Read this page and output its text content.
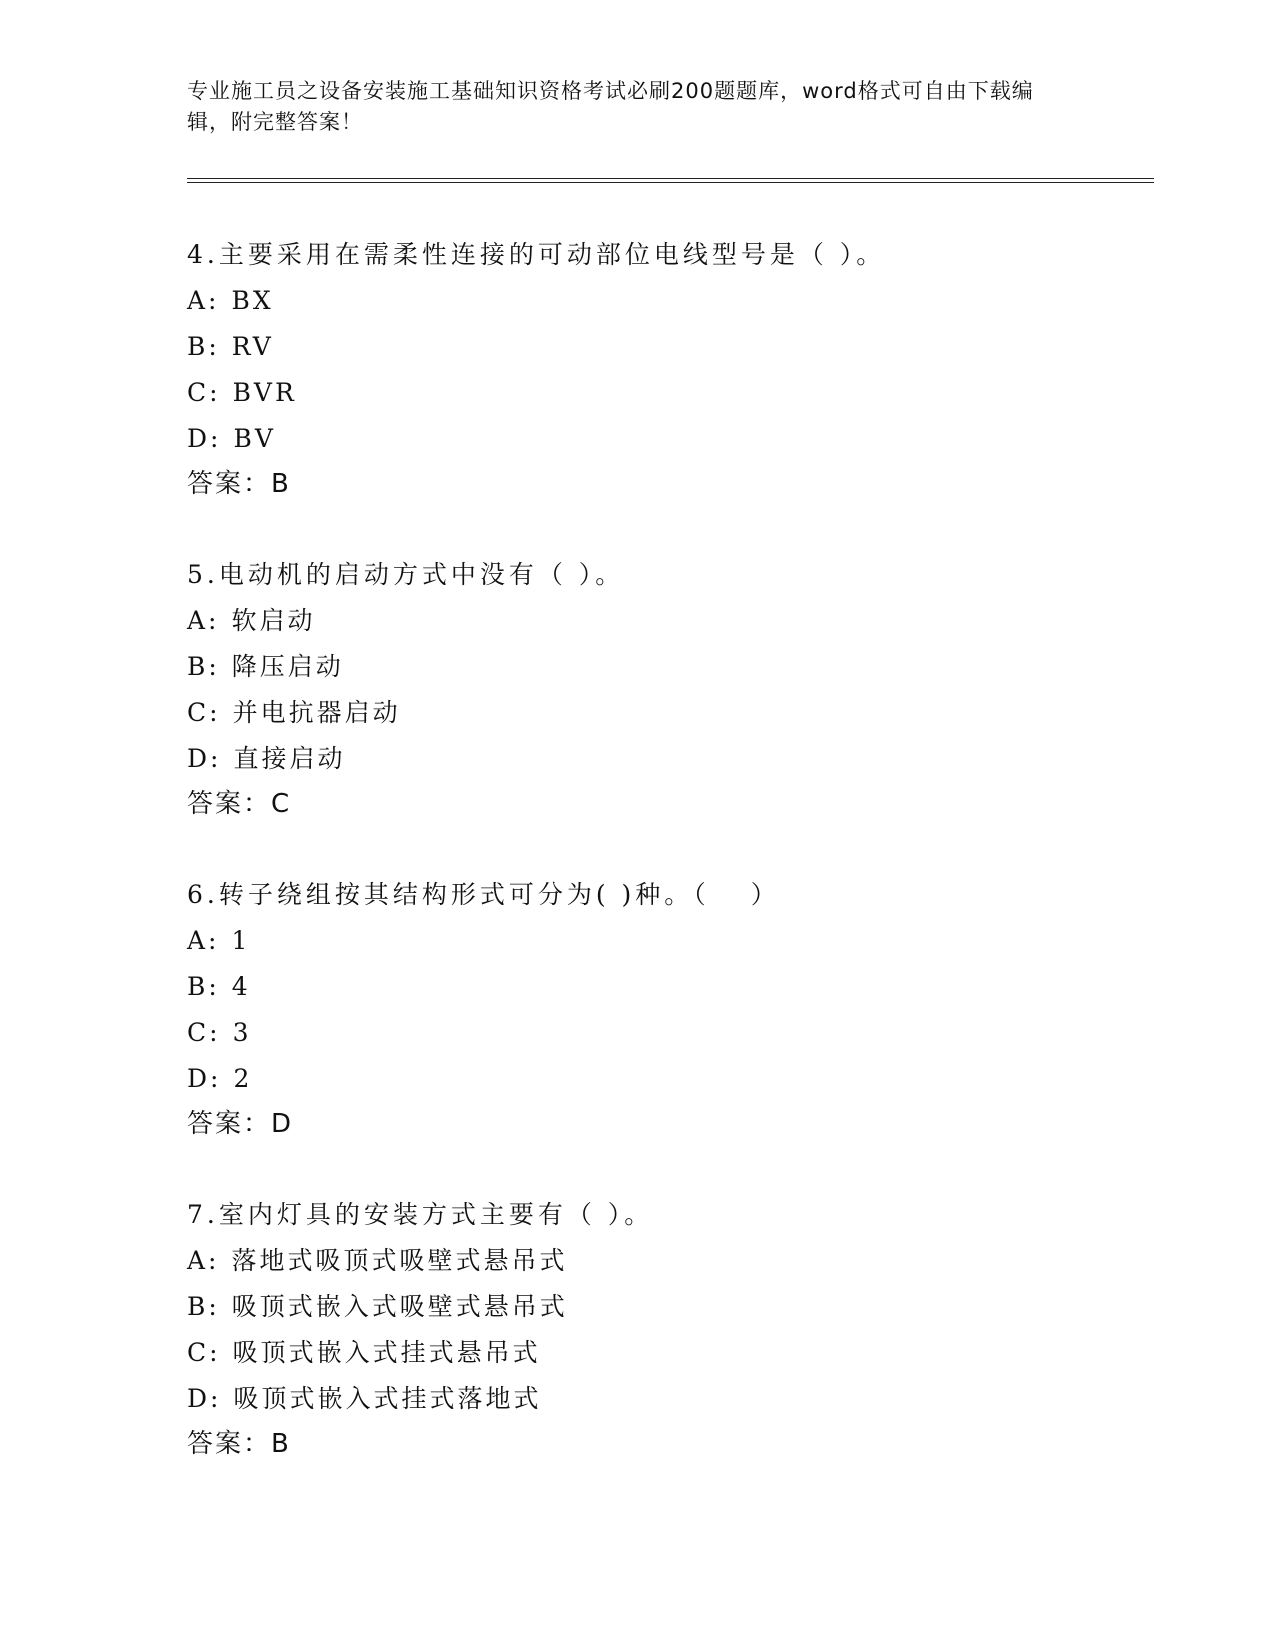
专业施工员之设备安装施工基础知识资格考试必刷200题题库，word格式可自由下载编辑，附完整答案！

4.主要采用在需柔性连接的可动部位电线型号是（ ）。
A: BX
B: RV
C: BVR
D: BV
答案：B
5.电动机的启动方式中没有（ ）。
A: 软启动
B: 降压启动
C: 并电抗器启动
D: 直接启动
答案：C
6.转子绕组按其结构形式可分为( )种。（　 ）
A: 1
B: 4
C: 3
D: 2
答案：D
7.室内灯具的安装方式主要有（ ）。
A: 落地式吸顶式吸壁式悬吊式
B: 吸顶式嵌入式吸壁式悬吊式
C: 吸顶式嵌入式挂式悬吊式
D: 吸顶式嵌入式挂式落地式
答案：B
